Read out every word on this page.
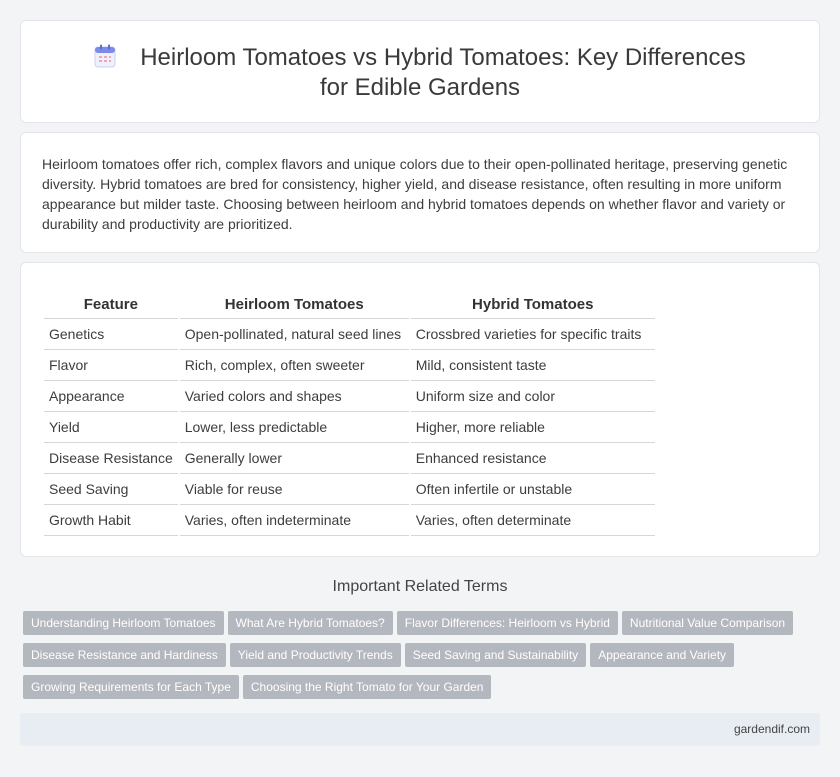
Heirloom Tomatoes vs Hybrid Tomatoes: Key Differences for Edible Gardens

Heirloom tomatoes offer rich, complex flavors and unique colors due to their open-pollinated heritage, preserving genetic diversity. Hybrid tomatoes are bred for consistency, higher yield, and disease resistance, often resulting in more uniform appearance but milder taste. Choosing between heirloom and hybrid tomatoes depends on whether flavor and variety or durability and productivity are prioritized.

Feature	Heirloom Tomatoes	Hybrid Tomatoes
Genetics	Open-pollinated, natural seed lines	Crossbred varieties for specific traits
Flavor	Rich, complex, often sweeter	Mild, consistent taste
Appearance	Varied colors and shapes	Uniform size and color
Yield	Lower, less predictable	Higher, more reliable
Disease Resistance	Generally lower	Enhanced resistance
Seed Saving	Viable for reuse	Often infertile or unstable
Growth Habit	Varies, often indeterminate	Varies, often determinate
Important Related Terms
Understanding Heirloom Tomatoes What Are Hybrid Tomatoes? Flavor Differences: Heirloom vs Hybrid Nutritional Value Comparison
Disease Resistance and Hardiness Yield and Productivity Trends Seed Saving and Sustainability Appearance and Variety
Growing Requirements for Each Type Choosing the Right Tomato for Your Garden
gardendif.com
